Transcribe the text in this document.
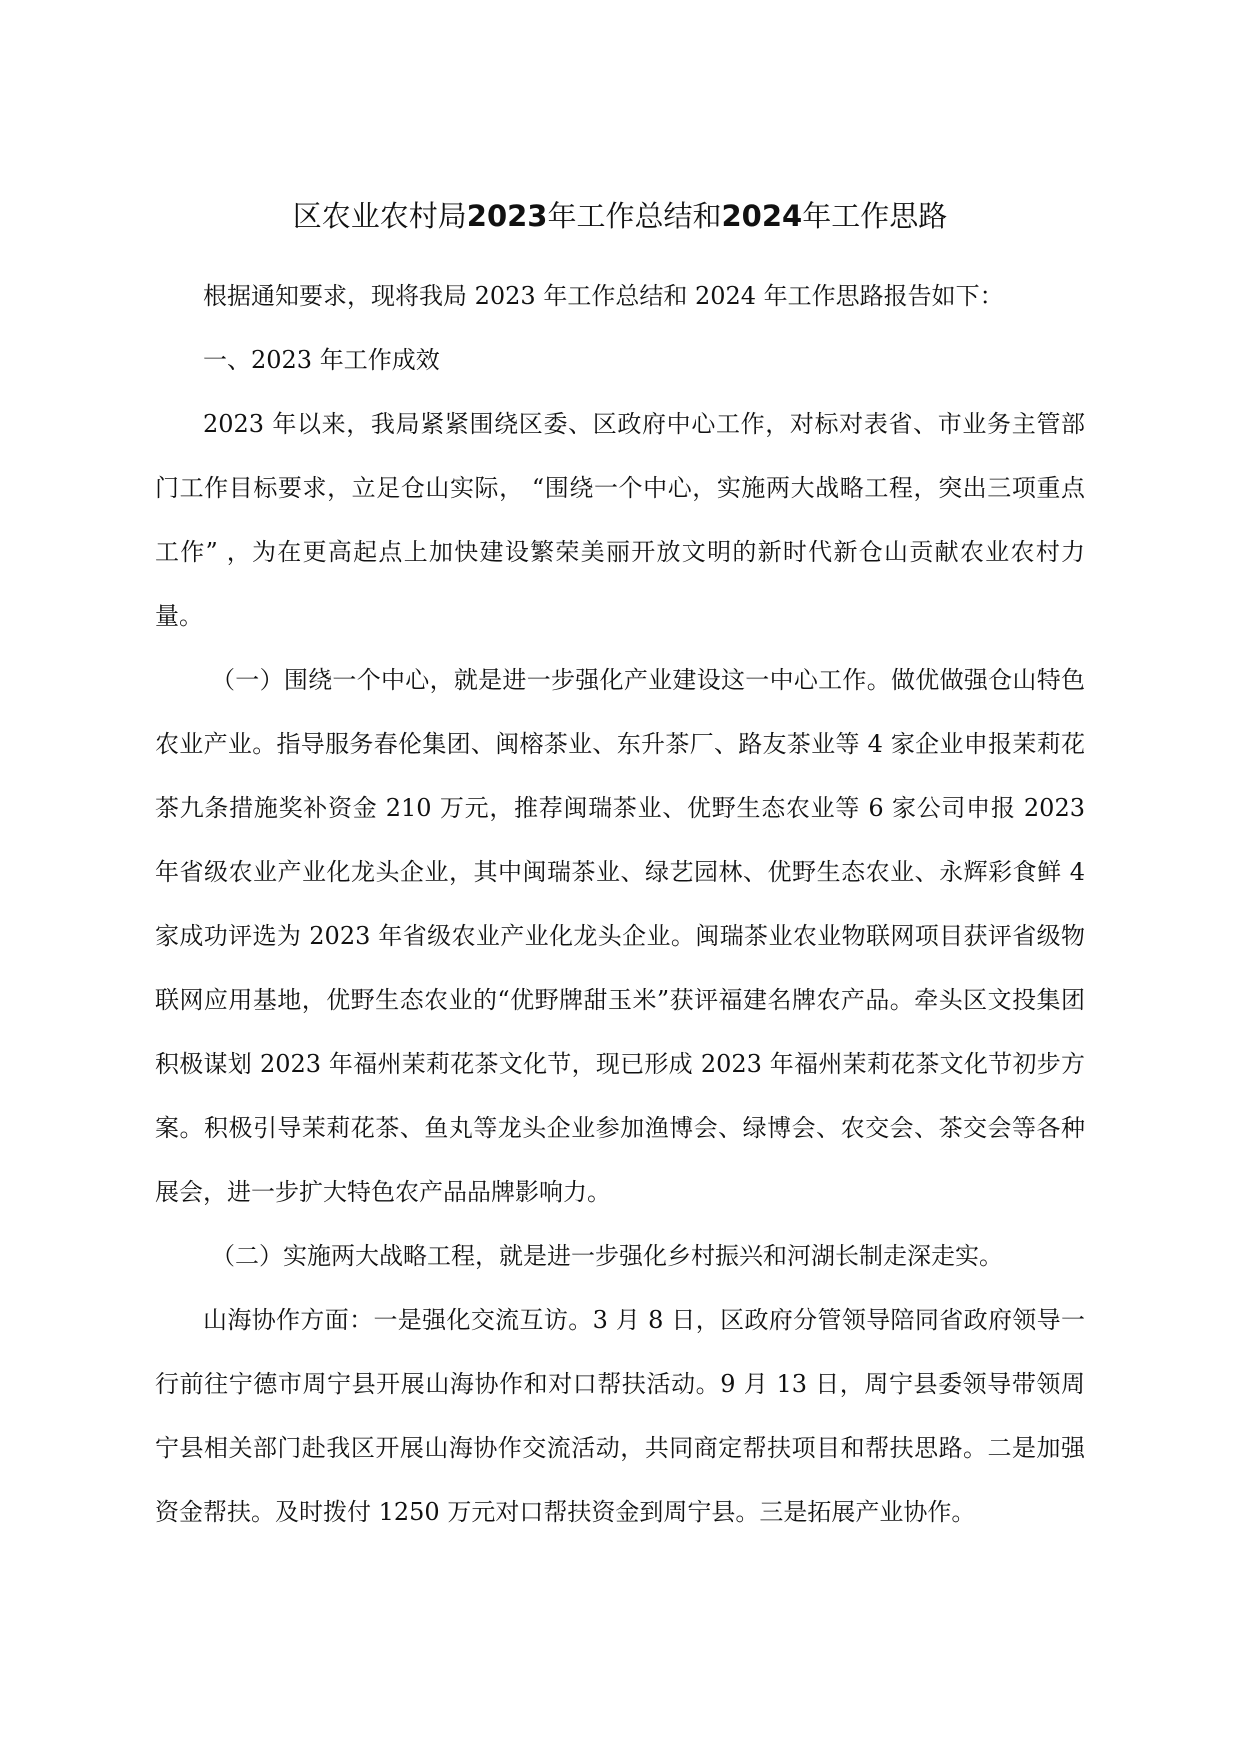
区农业农村局2023年工作总结和2024年工作思路

根据通知要求，现将我局 2023 年工作总结和 2024 年工作思路报告如下：

一、2023 年工作成效

2023 年以来，我局紧紧围绕区委、区政府中心工作，对标对表省、市业务主管部门工作目标要求，立足仓山实际， “围绕一个中心，实施两大战略工程，突出三项重点工作” ，为在更高起点上加快建设繁荣美丽开放文明的新时代新仓山贡献农业农村力量。

（一）围绕一个中心，就是进一步强化产业建设这一中心工作。做优做强仓山特色农业产业。指导服务春伦集团、闽榕茶业、东升茶厂、路友茶业等 4 家企业申报茉莉花茶九条措施奖补资金 210 万元，推荐闽瑞茶业、优野生态农业等 6 家公司申报 2023 年省级农业产业化龙头企业，其中闽瑞茶业、绿艺园林、优野生态农业、永辉彩食鲜 4 家成功评选为 2023 年省级农业产业化龙头企业。闽瑞茶业农业物联网项目获评省级物联网应用基地，优野生态农业的“优野牌甜玉米”获评福建名牌农产品。牵头区文投集团积极谋划 2023 年福州茉莉花茶文化节，现已形成 2023 年福州茉莉花茶文化节初步方案。积极引导茉莉花茶、鱼丸等龙头企业参加渔博会、绿博会、农交会、茶交会等各种展会，进一步扩大特色农产品品牌影响力。

（二）实施两大战略工程，就是进一步强化乡村振兴和河湖长制走深走实。

山海协作方面：一是强化交流互访。3 月 8 日，区政府分管领导陪同省政府领导一行前往宁德市周宁县开展山海协作和对口帮扶活动。9 月 13 日，周宁县委领导带领周宁县相关部门赴我区开展山海协作交流活动，共同商定帮扶项目和帮扶思路。二是加强资金帮扶。及时拨付 1250 万元对口帮扶资金到周宁县。三是拓展产业协作。
